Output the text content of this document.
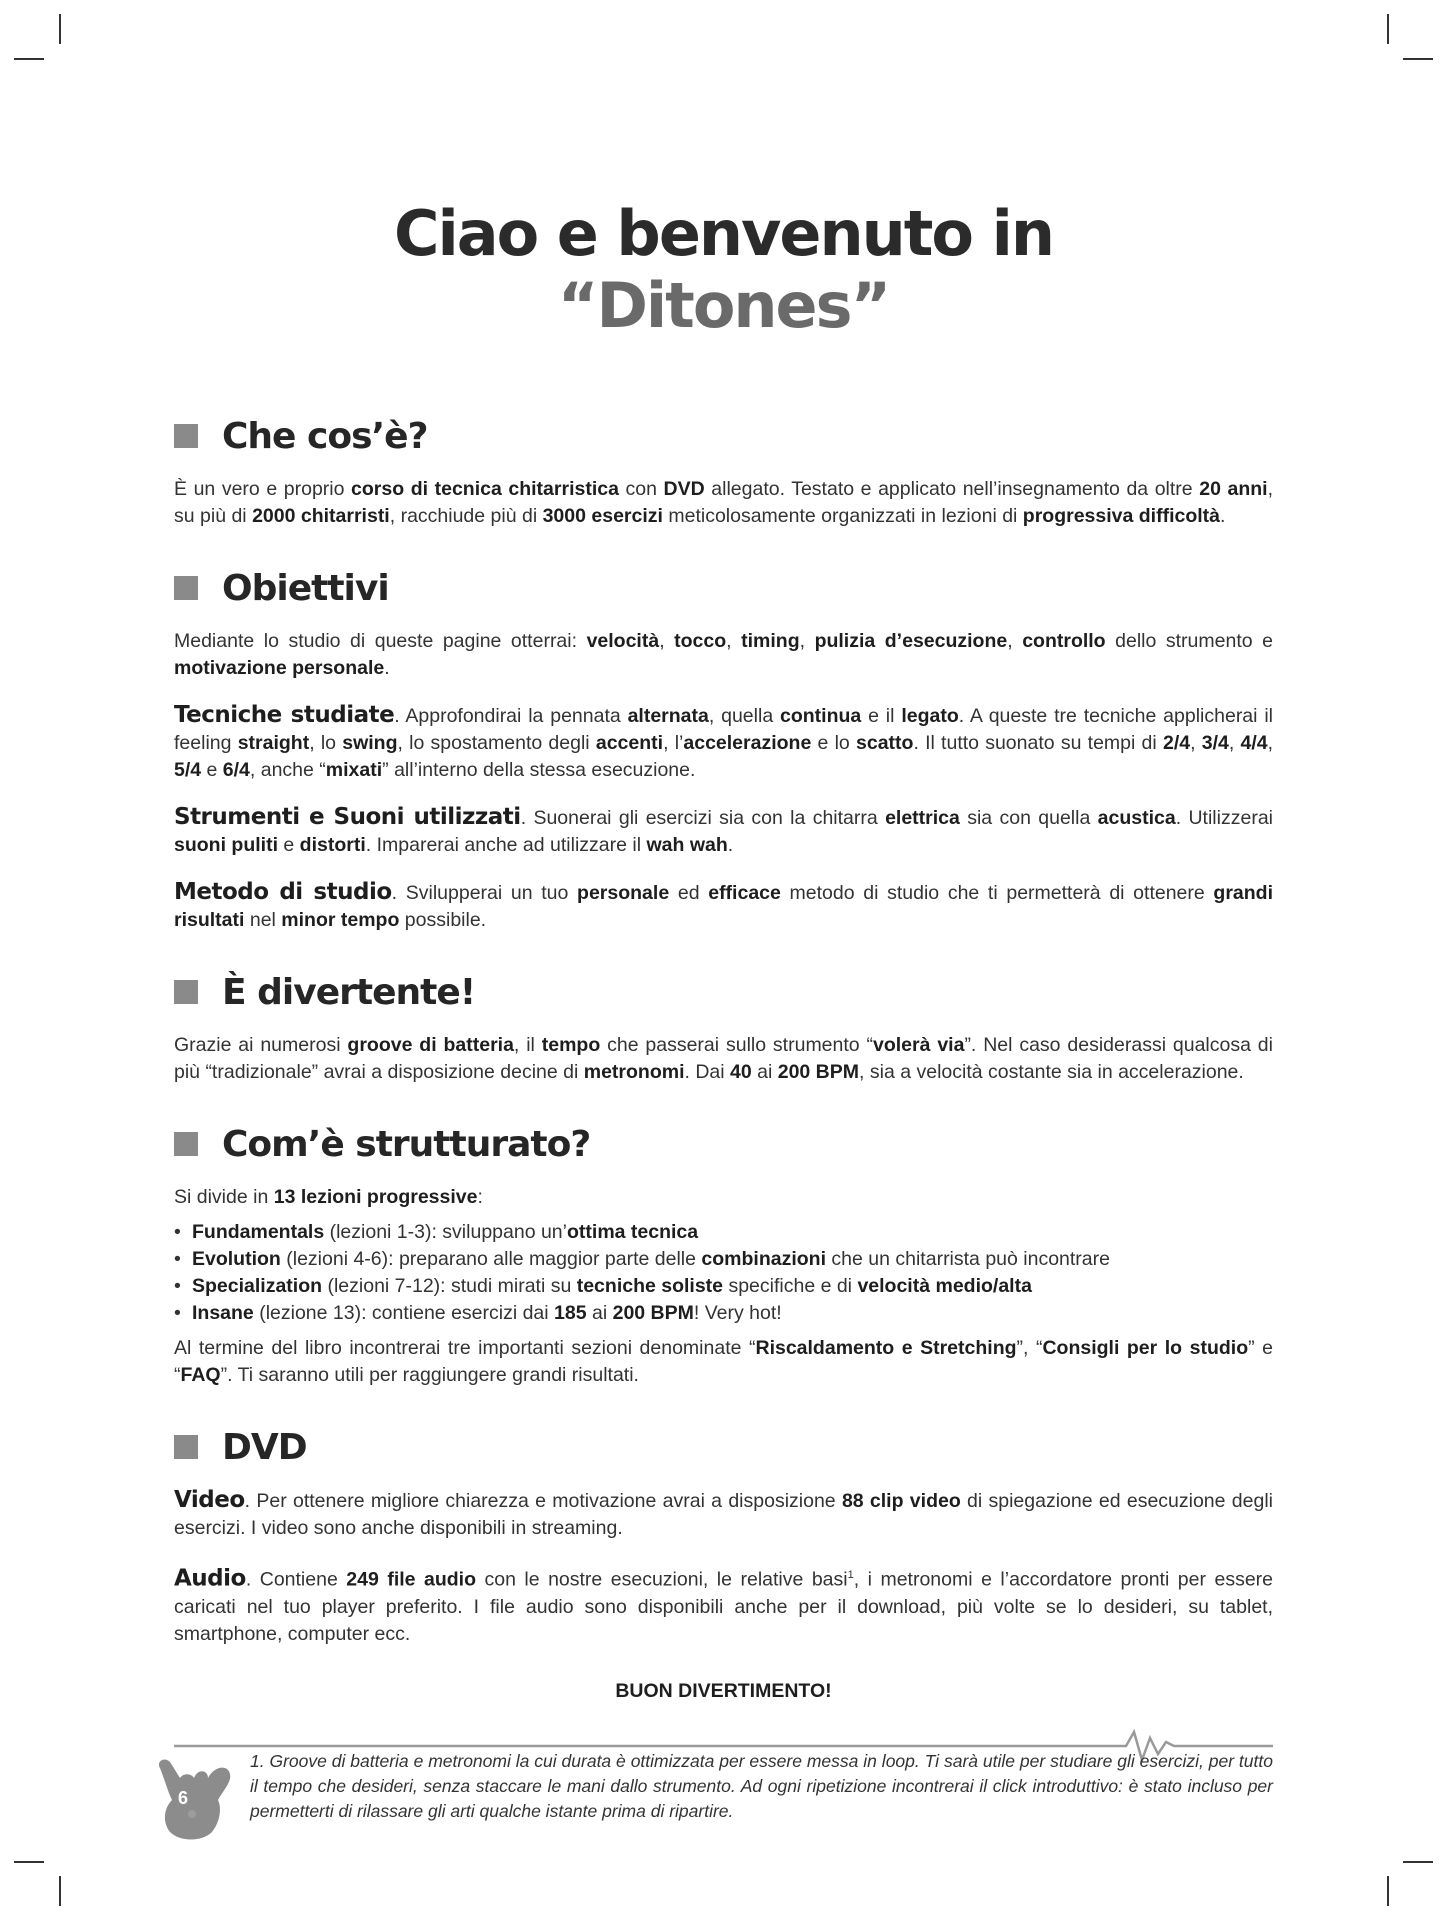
Ciao e benvenuto in
“Ditones”
Che cos’è?

È un vero e proprio corso di tecnica chitarristica con DVD allegato. Testato e applicato nell’insegnamento da oltre 20 anni, su più di 2000 chitarristi, racchiude più di 3000 esercizi meticolosamente organizzati in lezioni di progressiva difficoltà.

Obiettivi

Mediante lo studio di queste pagine otterrai: velocità, tocco, timing, pulizia d’esecuzione, controllo dello strumento e motivazione personale.

Tecniche studiate. Approfondirai la pennata alternata, quella continua e il legato. A queste tre tecniche applicherai il feeling straight, lo swing, lo spostamento degli accenti, l’accelerazione e lo scatto. Il tutto suonato su tempi di 2/4, 3/4, 4/4, 5/4 e 6/4, anche “mixati” all’interno della stessa esecuzione.

Strumenti e Suoni utilizzati. Suonerai gli esercizi sia con la chitarra elettrica sia con quella acustica. Utilizzerai suoni puliti e distorti. Imparerai anche ad utilizzare il wah wah.

Metodo di studio. Svilupperai un tuo personale ed efficace metodo di studio che ti permetterà di ottenere grandi risultati nel minor tempo possibile.

È divertente!

Grazie ai numerosi groove di batteria, il tempo che passerai sullo strumento “volerà via”. Nel caso desiderassi qualcosa di più “tradizionale” avrai a disposizione decine di metronomi. Dai 40 ai 200 BPM, sia a velocità costante sia in accelerazione.

Com’è strutturato?

Si divide in 13 lezioni progressive:

• Fundamentals (lezioni 1-3): sviluppano un’ottima tecnica
• Evolution (lezioni 4-6): preparano alle maggior parte delle combinazioni che un chitarrista può incontrare
• Specialization (lezioni 7-12): studi mirati su tecniche soliste specifiche e di velocità medio/alta
• Insane (lezione 13): contiene esercizi dai 185 ai 200 BPM! Very hot!

Al termine del libro incontrerai tre importanti sezioni denominate “Riscaldamento e Stretching”, “Consigli per lo studio” e “FAQ”. Ti saranno utili per raggiungere grandi risultati.

DVD

Video. Per ottenere migliore chiarezza e motivazione avrai a disposizione 88 clip video di spiegazione ed esecuzione degli esercizi. I video sono anche disponibili in streaming.

Audio. Contiene 249 file audio con le nostre esecuzioni, le relative basi$^1$, i metronomi e l’accordatore pronti per essere caricati nel tuo player preferito. I file audio sono disponibili anche per il download, più volte se lo desideri, su tablet, smartphone, computer ecc.

BUON DIVERTIMENTO!

6
1. Groove di batteria e metronomi la cui durata è ottimizzata per essere messa in loop. Ti sarà utile per studiare gli esercizi, per tutto il tempo che desideri, senza staccare le mani dallo strumento. Ad ogni ripetizione incontrerai il click introduttivo: è stato incluso per permetterti di rilassare gli arti qualche istante prima di ripartire.
